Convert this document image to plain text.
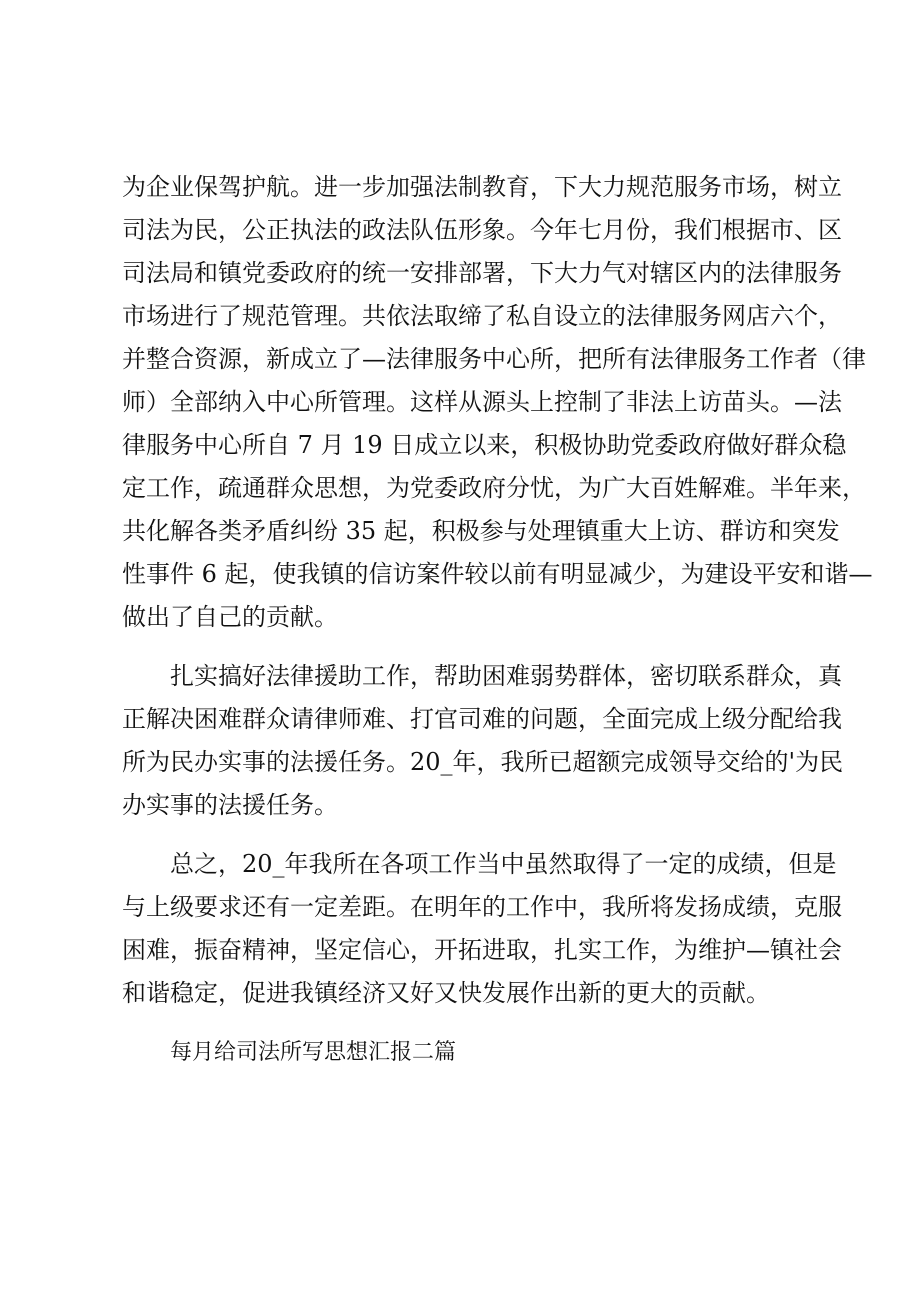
为企业保驾护航。进一步加强法制教育，下大力规范服务市场，树立
司法为民，公正执法的政法队伍形象。今年七月份，我们根据市、区
司法局和镇党委政府的统一安排部署，下大力气对辖区内的法律服务
市场进行了规范管理。共依法取缔了私自设立的法律服务网店六个，
并整合资源，新成立了—法律服务中心所，把所有法律服务工作者（律
师）全部纳入中心所管理。这样从源头上控制了非法上访苗头。—法
律服务中心所自 7 月 19 日成立以来，积极协助党委政府做好群众稳
定工作，疏通群众思想，为党委政府分忧，为广大百姓解难。半年来，
共化解各类矛盾纠纷 35 起，积极参与处理镇重大上访、群访和突发
性事件 6 起，使我镇的信访案件较以前有明显减少，为建设平安和谐—
做出了自己的贡献。
扎实搞好法律援助工作，帮助困难弱势群体，密切联系群众，真
正解决困难群众请律师难、打官司难的问题，全面完成上级分配给我
所为民办实事的法援任务。20_年，我所已超额完成领导交给的'为民
办实事的法援任务。
总之，20_年我所在各项工作当中虽然取得了一定的成绩，但是
与上级要求还有一定差距。在明年的工作中，我所将发扬成绩，克服
困难，振奋精神，坚定信心，开拓进取，扎实工作，为维护—镇社会
和谐稳定，促进我镇经济又好又快发展作出新的更大的贡献。
每月给司法所写思想汇报二篇
